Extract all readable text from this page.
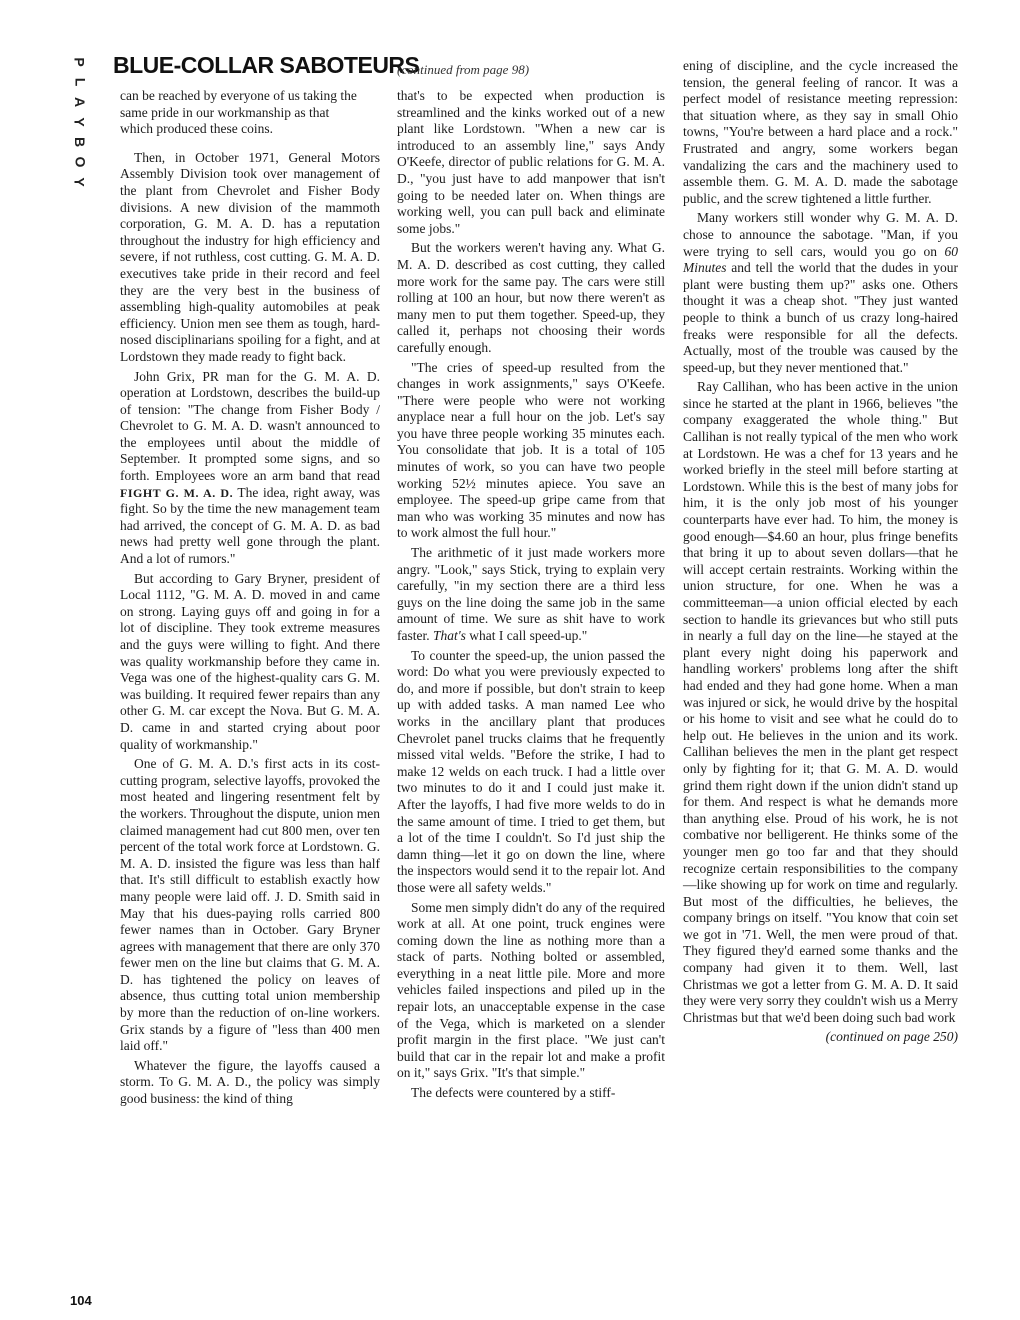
P
L
A
Y
B
O
Y
BLUE-COLLAR SABOTEURS
(continued from page 98)

can be reached by everyone of us taking the same pride in our workmanship as that which produced these coins.

Then, in October 1971, General Motors Assembly Division took over management of the plant from Chevrolet and Fisher Body divisions. A new division of the mammoth corporation, G. M. A. D. has a reputation throughout the industry for high efficiency and severe, if not ruthless, cost cutting. G. M. A. D. executives take pride in their record and feel they are the very best in the business of assembling high-quality automobiles at peak efficiency. Union men see them as tough, hard-nosed disciplinarians spoiling for a fight, and at Lordstown they made ready to fight back.

John Grix, PR man for the G. M. A. D. operation at Lordstown, describes the build-up of tension: "The change from Fisher Body / Chevrolet to G. M. A. D. wasn't announced to the employees until about the middle of September. It prompted some signs, and so forth. Employees wore an arm band that read FIGHT G. M. A. D. The idea, right away, was fight. So by the time the new management team had arrived, the concept of G. M. A. D. as bad news had pretty well gone through the plant. And a lot of rumors."

But according to Gary Bryner, president of Local 1112, "G. M. A. D. moved in and came on strong. Laying guys off and going in for a lot of discipline. They took extreme measures and the guys were willing to fight. And there was quality workmanship before they came in. Vega was one of the highest-quality cars G. M. was building. It required fewer repairs than any other G. M. car except the Nova. But G. M. A. D. came in and started crying about poor quality of workmanship."

One of G. M. A. D.'s first acts in its cost-cutting program, selective layoffs, provoked the most heated and lingering resentment felt by the workers. Throughout the dispute, union men claimed management had cut 800 men, over ten percent of the total work force at Lordstown. G. M. A. D. insisted the figure was less than half that. It's still difficult to establish exactly how many people were laid off. J. D. Smith said in May that his dues-paying rolls carried 800 fewer names than in October. Gary Bryner agrees with management that there are only 370 fewer men on the line but claims that G. M. A. D. has tightened the policy on leaves of absence, thus cutting total union membership by more than the reduction of on-line workers. Grix stands by a figure of "less than 400 men laid off."

Whatever the figure, the layoffs caused a storm. To G. M. A. D., the policy was simply good business: the kind of thing

that's to be expected when production is streamlined and the kinks worked out of a new plant like Lordstown. "When a new car is introduced to an assembly line," says Andy O'Keefe, director of public relations for G. M. A. D., "you just have to add manpower that isn't going to be needed later on. When things are working well, you can pull back and eliminate some jobs."

But the workers weren't having any. What G. M. A. D. described as cost cutting, they called more work for the same pay. The cars were still rolling at 100 an hour, but now there weren't as many men to put them together. Speed-up, they called it, perhaps not choosing their words carefully enough.

"The cries of speed-up resulted from the changes in work assignments," says O'Keefe. "There were people who were not working anyplace near a full hour on the job. Let's say you have three people working 35 minutes each. You consolidate that job. It is a total of 105 minutes of work, so you can have two people working 52½ minutes apiece. You save an employee. The speed-up gripe came from that man who was working 35 minutes and now has to work almost the full hour."

The arithmetic of it just made workers more angry. "Look," says Stick, trying to explain very carefully, "in my section there are a third less guys on the line doing the same job in the same amount of time. We sure as shit have to work faster. That's what I call speed-up."

To counter the speed-up, the union passed the word: Do what you were previously expected to do, and more if possible, but don't strain to keep up with added tasks. A man named Lee who works in the ancillary plant that produces Chevrolet panel trucks claims that he frequently missed vital welds. "Before the strike, I had to make 12 welds on each truck. I had a little over two minutes to do it and I could just make it. After the layoffs, I had five more welds to do in the same amount of time. I tried to get them, but a lot of the time I couldn't. So I'd just ship the damn thing—let it go on down the line, where the inspectors would send it to the repair lot. And those were all safety welds."

Some men simply didn't do any of the required work at all. At one point, truck engines were coming down the line as nothing more than a stack of parts. Nothing bolted or assembled, everything in a neat little pile. More and more vehicles failed inspections and piled up in the repair lots, an unacceptable expense in the case of the Vega, which is marketed on a slender profit margin in the first place. "We just can't build that car in the repair lot and make a profit on it," says Grix. "It's that simple."

The defects were countered by a stiff-

ening of discipline, and the cycle increased the tension, the general feeling of rancor. It was a perfect model of resistance meeting repression: that situation where, as they say in small Ohio towns, "You're between a hard place and a rock." Frustrated and angry, some workers began vandalizing the cars and the machinery used to assemble them. G. M. A. D. made the sabotage public, and the screw tightened a little further.

Many workers still wonder why G. M. A. D. chose to announce the sabotage. "Man, if you were trying to sell cars, would you go on 60 Minutes and tell the world that the dudes in your plant were busting them up?" asks one. Others thought it was a cheap shot. "They just wanted people to think a bunch of us crazy long-haired freaks were responsible for all the defects. Actually, most of the trouble was caused by the speed-up, but they never mentioned that."

Ray Callihan, who has been active in the union since he started at the plant in 1966, believes "the company exaggerated the whole thing." But Callihan is not really typical of the men who work at Lordstown. He was a chef for 13 years and he worked briefly in the steel mill before starting at Lordstown. While this is the best of many jobs for him, it is the only job most of his younger counterparts have ever had. To him, the money is good enough—$4.60 an hour, plus fringe benefits that bring it up to about seven dollars—that he will accept certain restraints. Working within the union structure, for one. When he was a committeeman—a union official elected by each section to handle its grievances but who still puts in nearly a full day on the line—he stayed at the plant every night doing his paperwork and handling workers' problems long after the shift had ended and they had gone home. When a man was injured or sick, he would drive by the hospital or his home to visit and see what he could do to help out. He believes in the union and its work. Callihan believes the men in the plant get respect only by fighting for it; that G. M. A. D. would grind them right down if the union didn't stand up for them. And respect is what he demands more than anything else. Proud of his work, he is not combative nor belligerent. He thinks some of the younger men go too far and that they should recognize certain responsibilities to the company—like showing up for work on time and regularly. But most of the difficulties, he believes, the company brings on itself. "You know that coin set we got in '71. Well, the men were proud of that. They figured they'd earned some thanks and the company had given it to them. Well, last Christmas we got a letter from G. M. A. D. It said they were very sorry they couldn't wish us a Merry Christmas but that we'd been doing such bad work

(continued on page 250)

104
